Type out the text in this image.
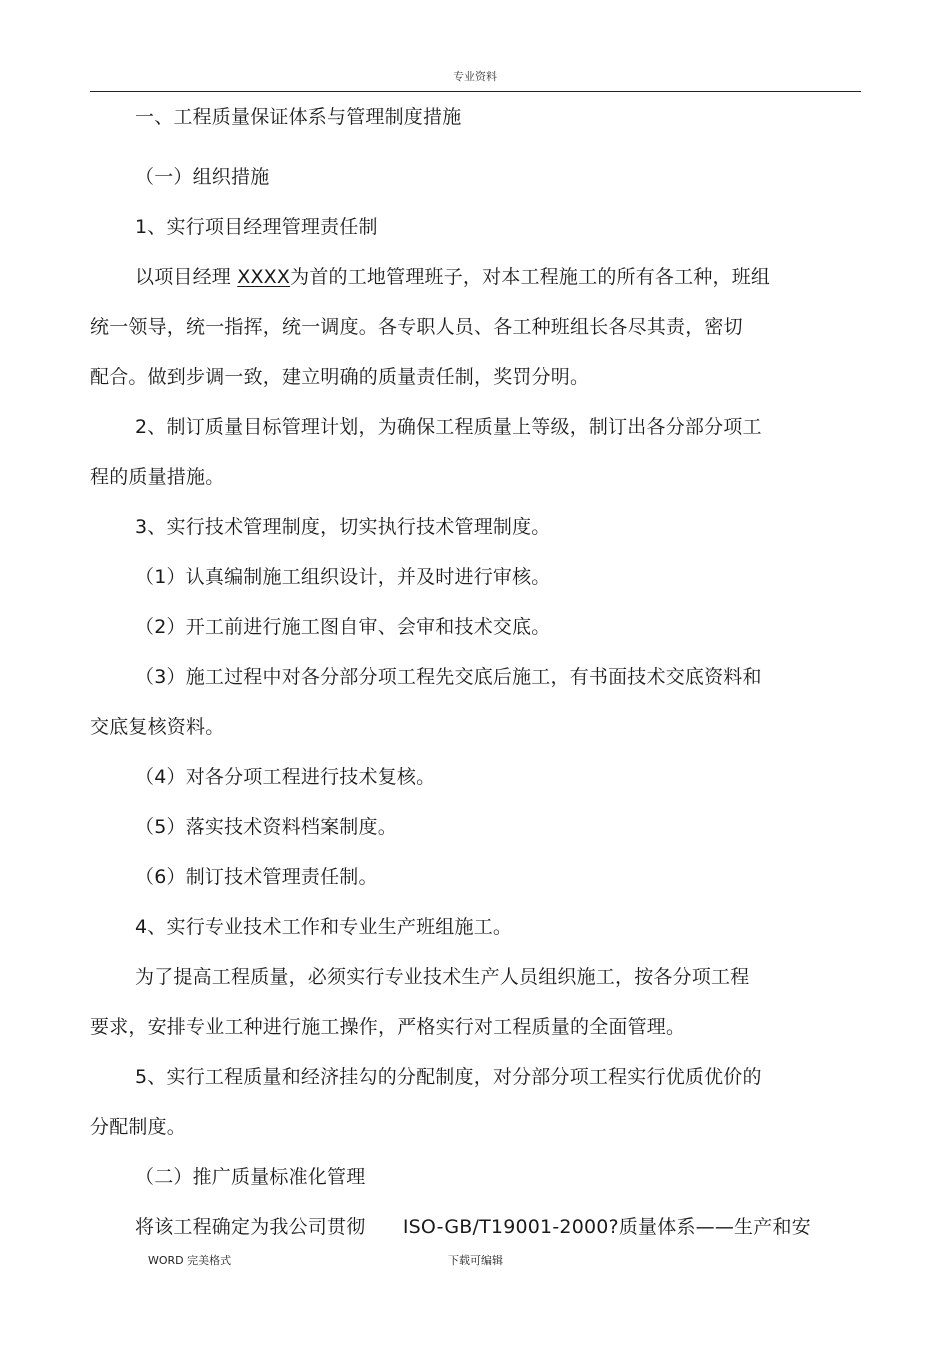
专业资料
一、工程质量保证体系与管理制度措施
（一）组织措施
1、实行项目经理管理责任制
以项目经理 XXXX为首的工地管理班子，对本工程施工的所有各工种，班组
统一领导，统一指挥，统一调度。各专职人员、各工种班组长各尽其责，密切
配合。做到步调一致，建立明确的质量责任制，奖罚分明。
2、制订质量目标管理计划，为确保工程质量上等级，制订出各分部分项工
程的质量措施。
3、实行技术管理制度，切实执行技术管理制度。
（1）认真编制施工组织设计，并及时进行审核。
（2）开工前进行施工图自审、会审和技术交底。
（3）施工过程中对各分部分项工程先交底后施工，有书面技术交底资料和
交底复核资料。
（4）对各分项工程进行技术复核。
（5）落实技术资料档案制度。
（6）制订技术管理责任制。
4、实行专业技术工作和专业生产班组施工。
为了提高工程质量，必须实行专业技术生产人员组织施工，按各分项工程
要求，安排专业工种进行施工操作，严格实行对工程质量的全面管理。
5、实行工程质量和经济挂勾的分配制度，对分部分项工程实行优质优价的
分配制度。
（二）推广质量标准化管理
将该工程确定为我公司贯彻      ISO-GB/T19001-2000?质量体系——生产和安
WORD 完美格式	下载可编辑
